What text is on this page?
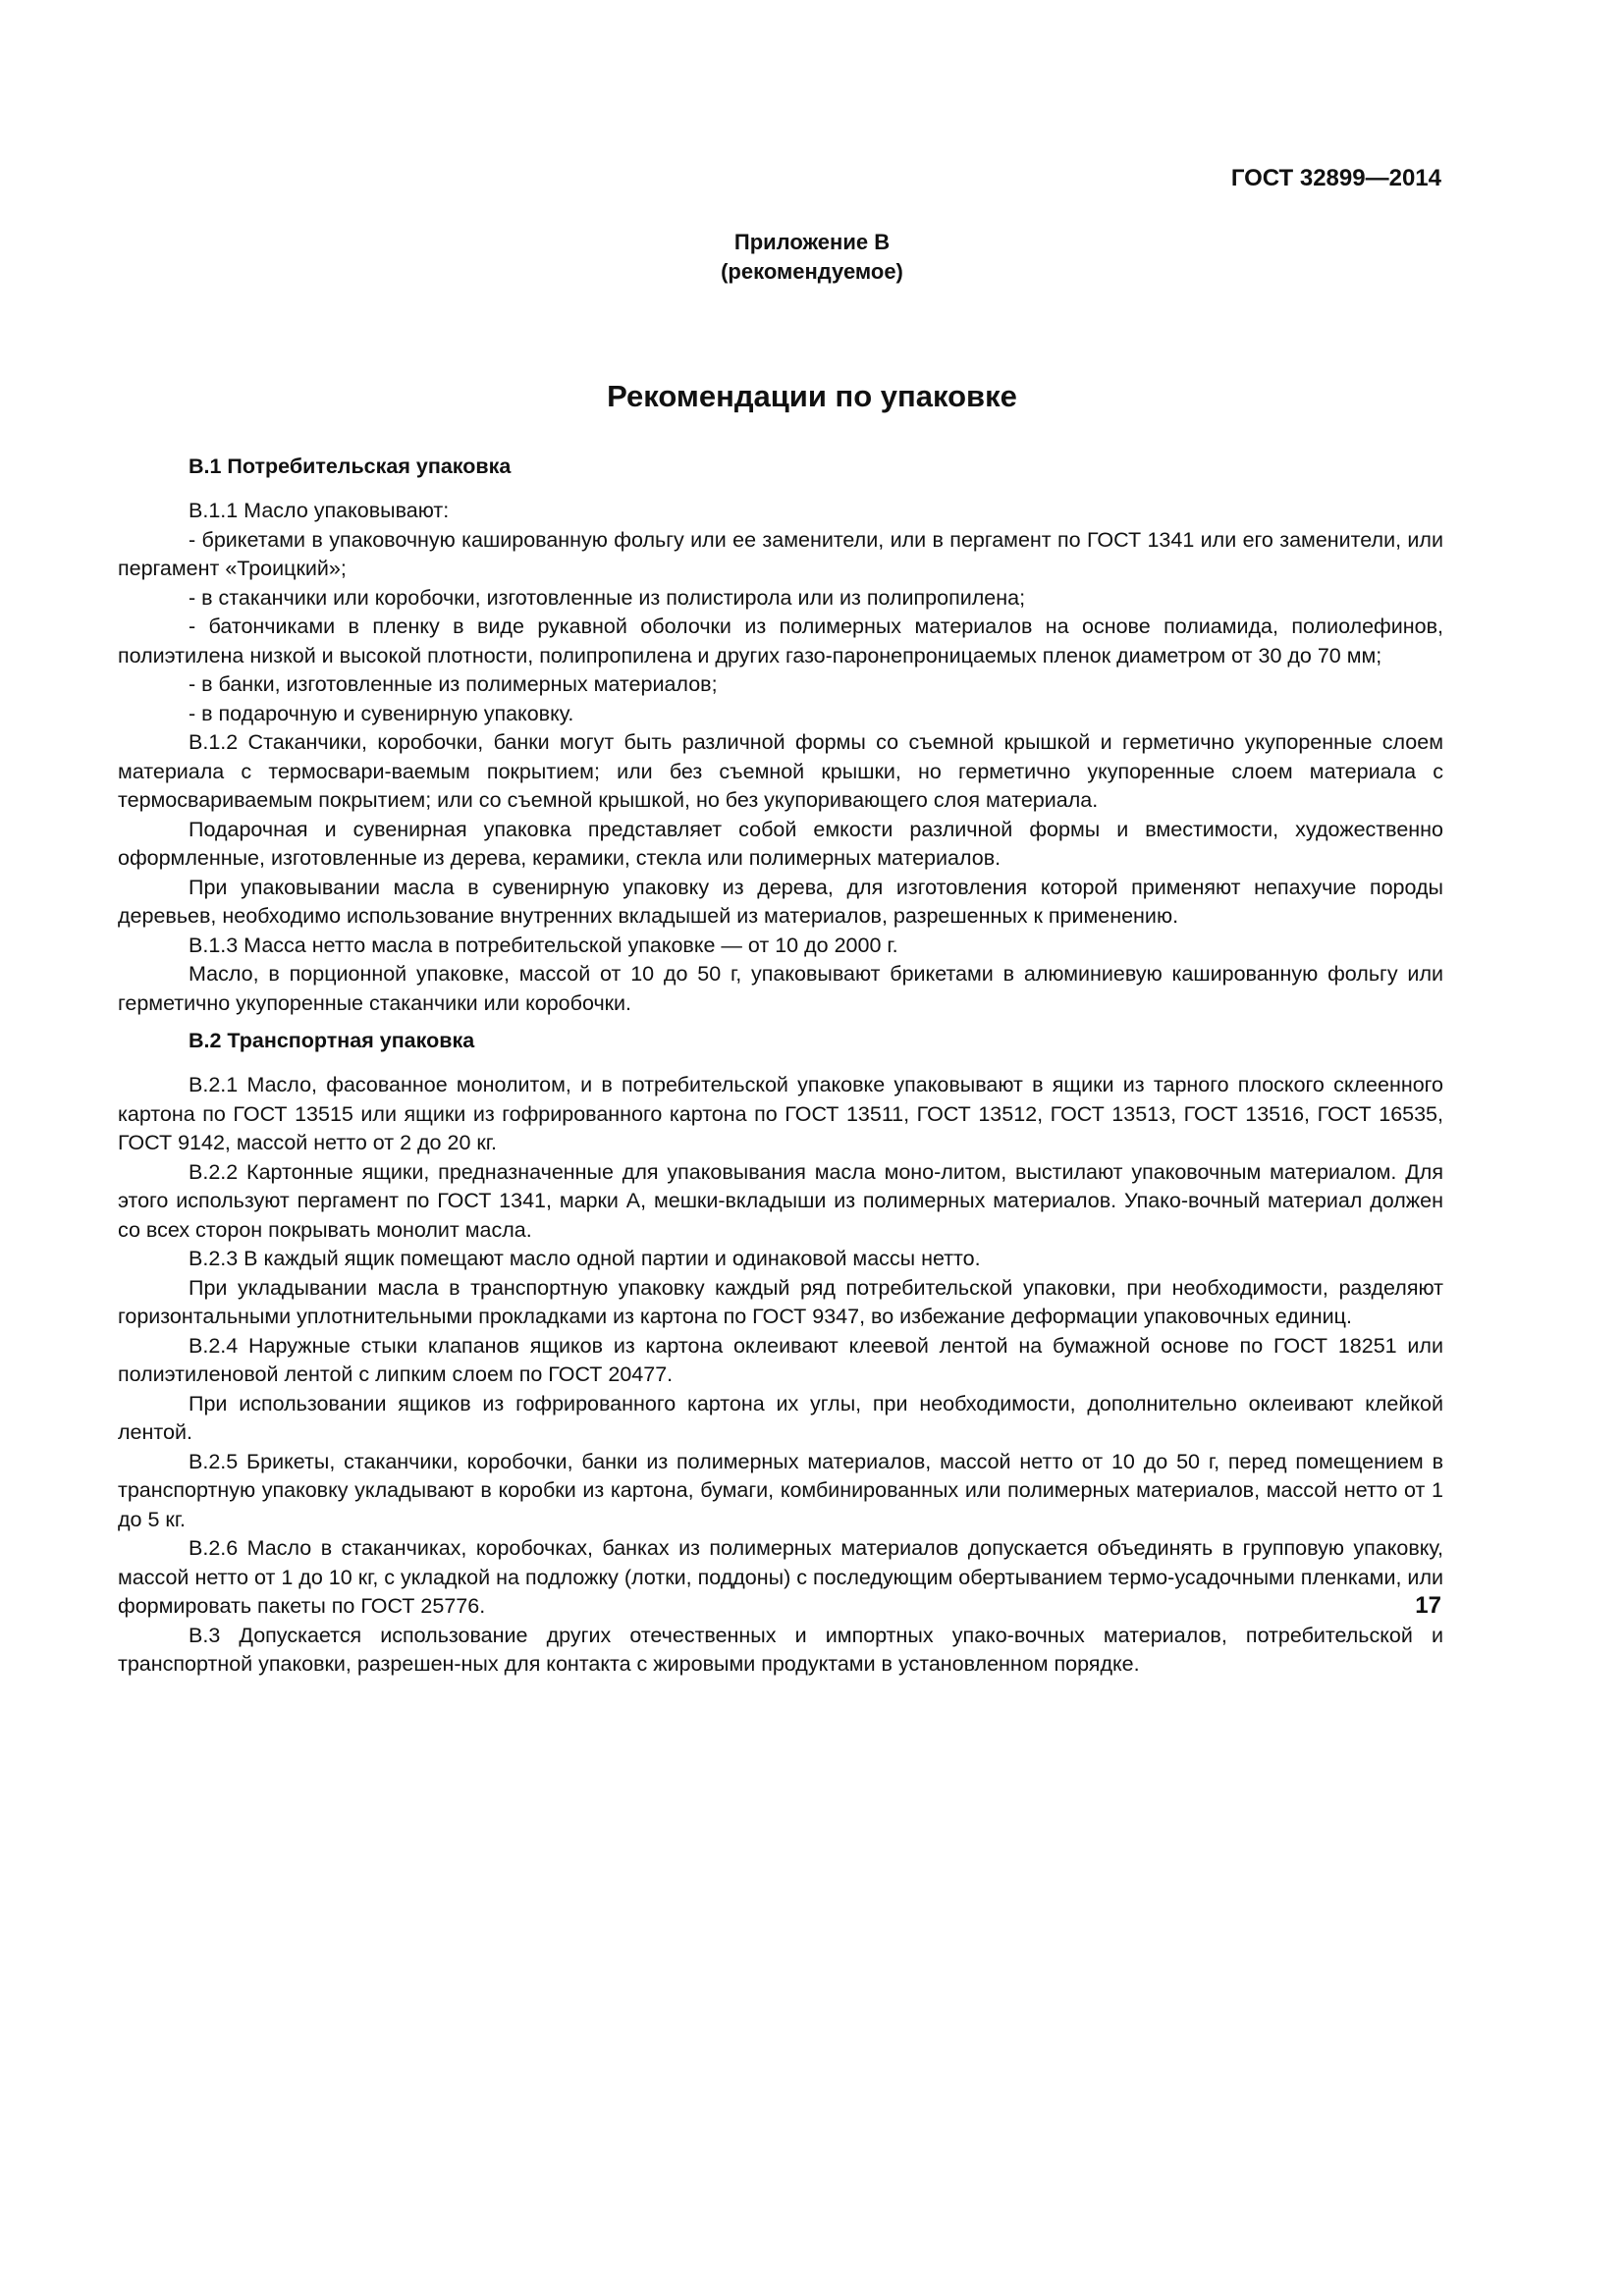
ГОСТ 32899—2014
Приложение В
(рекомендуемое)
Рекомендации по упаковке
В.1 Потребительская упаковка

В.1.1 Масло упаковывают:

- брикетами в упаковочную кашированную фольгу или ее заменители, или в пергамент по ГОСТ 1341 или его заменители, или пергамент «Троицкий»;

- в стаканчики или коробочки, изготовленные из полистирола или из полипропилена;

- батончиками в пленку в виде рукавной оболочки из полимерных материалов на основе полиамида, полиолефинов, полиэтилена низкой и высокой плотности, полипропилена и других газо-паронепроницаемых пленок диаметром от 30 до 70 мм;

- в банки, изготовленные из полимерных материалов;

- в подарочную и сувенирную упаковку.

В.1.2 Стаканчики, коробочки, банки могут быть различной формы со съемной крышкой и герметично укупоренные слоем материала с термосвари-ваемым покрытием; или без съемной крышки, но герметично укупоренные слоем материала с термосвариваемым покрытием; или со съемной крышкой, но без укупоривающего слоя материала.

Подарочная и сувенирная упаковка представляет собой емкости различной формы и вместимости, художественно оформленные, изготовленные из дерева, керамики, стекла или полимерных материалов.

При упаковывании масла в сувенирную упаковку из дерева, для изготовления которой применяют непахучие породы деревьев, необходимо использование внутренних вкладышей из материалов, разрешенных к применению.

В.1.3 Масса нетто масла в потребительской упаковке — от 10 до 2000 г.

Масло, в порционной упаковке, массой от 10 до 50 г, упаковывают брикетами в алюминиевую кашированную фольгу или герметично укупоренные стаканчики или коробочки.

В.2 Транспортная упаковка

В.2.1 Масло, фасованное монолитом, и в потребительской упаковке упаковывают в ящики из тарного плоского склеенного картона по ГОСТ 13515 или ящики из гофрированного картона по ГОСТ 13511, ГОСТ 13512, ГОСТ 13513, ГОСТ 13516, ГОСТ 16535, ГОСТ 9142, массой нетто от 2 до 20 кг.

В.2.2 Картонные ящики, предназначенные для упаковывания масла моно-литом, выстилают упаковочным материалом. Для этого используют пергамент по ГОСТ 1341, марки А, мешки-вкладыши из полимерных материалов. Упако-вочный материал должен со всех сторон покрывать монолит масла.

В.2.3 В каждый ящик помещают масло одной партии и одинаковой массы нетто.

При укладывании масла в транспортную упаковку каждый ряд потребительской упаковки, при необходимости, разделяют горизонтальными уплотнительными прокладками из картона по ГОСТ 9347, во избежание деформации упаковочных единиц.

В.2.4 Наружные стыки клапанов ящиков из картона оклеивают клеевой лентой на бумажной основе по ГОСТ 18251 или полиэтиленовой лентой с липким слоем по ГОСТ 20477.

При использовании ящиков из гофрированного картона их углы, при необходимости, дополнительно оклеивают клейкой лентой.

В.2.5 Брикеты, стаканчики, коробочки, банки из полимерных материалов, массой нетто от 10 до 50 г, перед помещением в транспортную упаковку укладывают в коробки из картона, бумаги, комбинированных или полимерных материалов, массой нетто от 1 до 5 кг.

В.2.6 Масло в стаканчиках, коробочках, банках из полимерных материалов допускается объединять в групповую упаковку, массой нетто от 1 до 10 кг, с укладкой на подложку (лотки, поддоны) с последующим обертыванием термо-усадочными пленками, или формировать пакеты по ГОСТ 25776.

В.3 Допускается использование других отечественных и импортных упако-вочных материалов, потребительской и транспортной упаковки, разрешен-ных для контакта с жировыми продуктами в установленном порядке.

17
